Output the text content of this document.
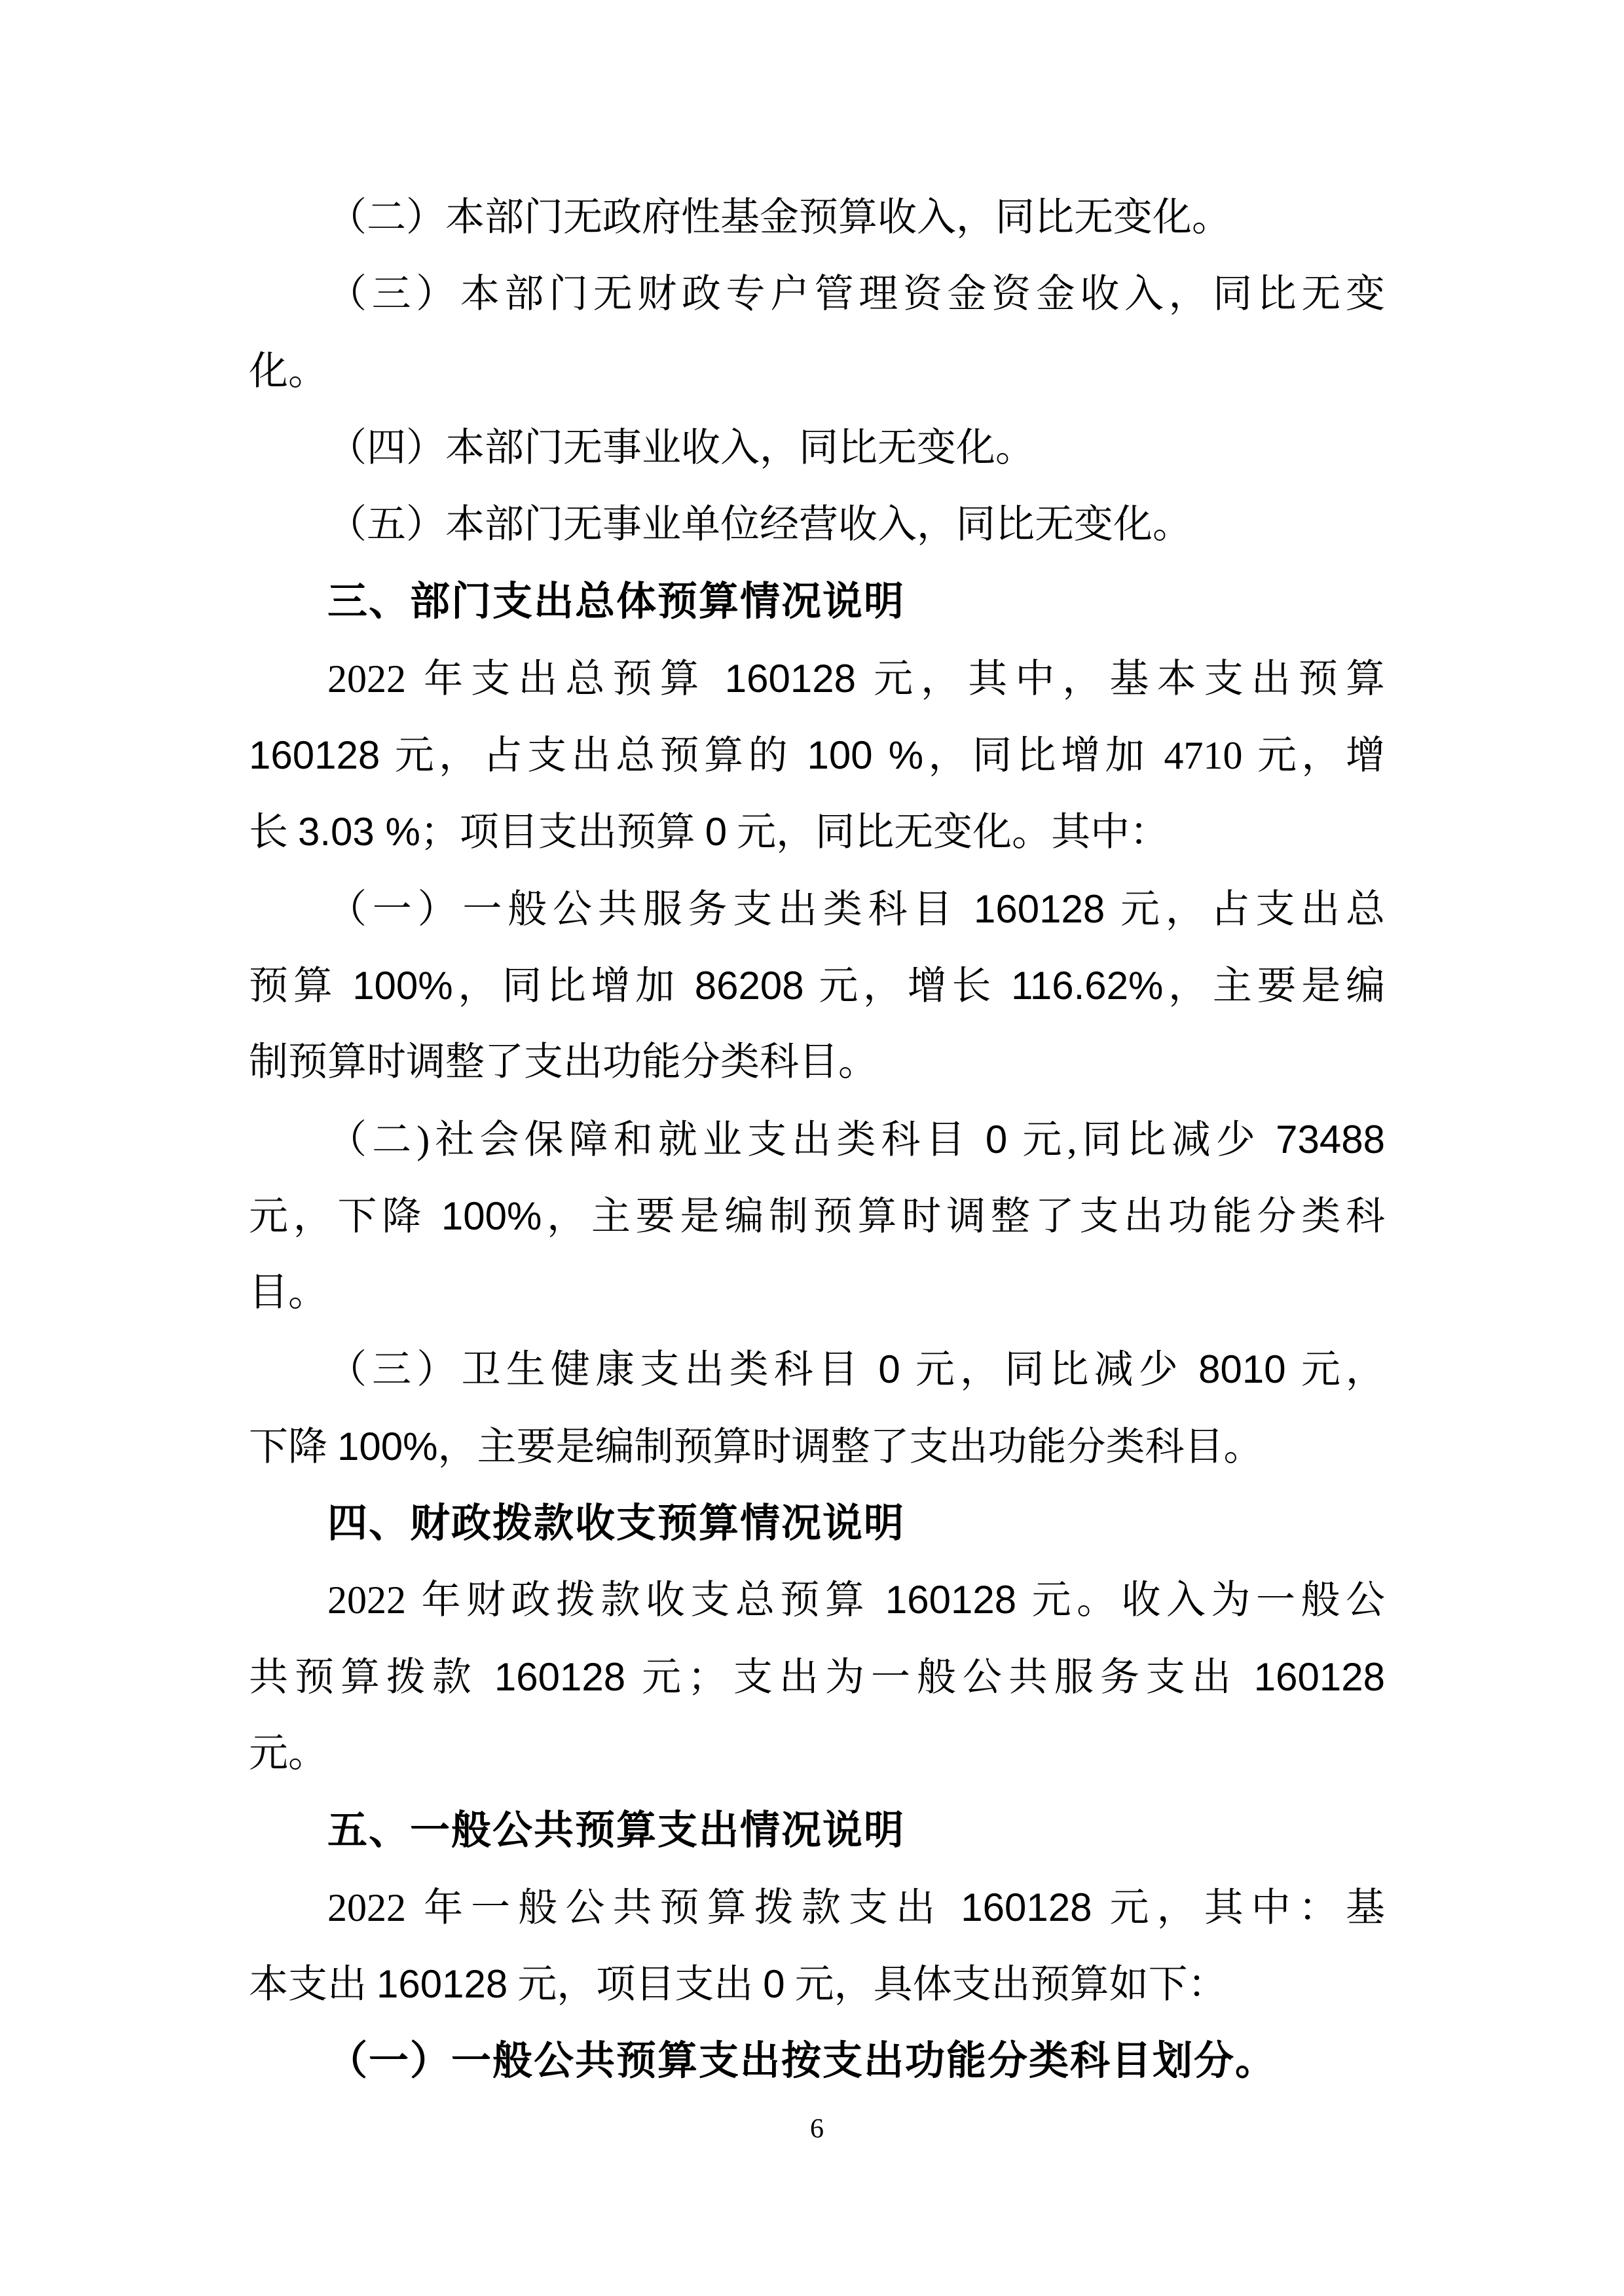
（二）本部门无政府性基金预算收入，同比无变化。
（三）本部门无财政专户管理资金资金收入，同比无变
化。
（四）本部门无事业收入，同比无变化。
（五）本部门无事业单位经营收入，同比无变化。
三、部门支出总体预算情况说明
2022 年支出总预算 160128 元，其中，基本支出预算
160128 元，占支出总预算的 100 %，同比增加 4710 元，增
长 3.03 %；项目支出预算 0 元，同比无变化。其中：
（一）一般公共服务支出类科目 160128 元，占支出总
预算 100%，同比增加 86208 元，增长 116.62%，主要是编
制预算时调整了支出功能分类科目。
（二)社会保障和就业支出类科目 0 元,同比减少 73488
元，下降 100%，主要是编制预算时调整了支出功能分类科
目。
（三）卫生健康支出类科目 0 元，同比减少 8010 元，
下降 100%，主要是编制预算时调整了支出功能分类科目。
四、财政拨款收支预算情况说明
2022 年财政拨款收支总预算 160128 元。收入为一般公
共预算拨款 160128 元；支出为一般公共服务支出 160128
元。
五、一般公共预算支出情况说明
2022 年一般公共预算拨款支出 160128 元，其中：基
本支出 160128 元，项目支出 0 元，具体支出预算如下：
（一）一般公共预算支出按支出功能分类科目划分。
6
